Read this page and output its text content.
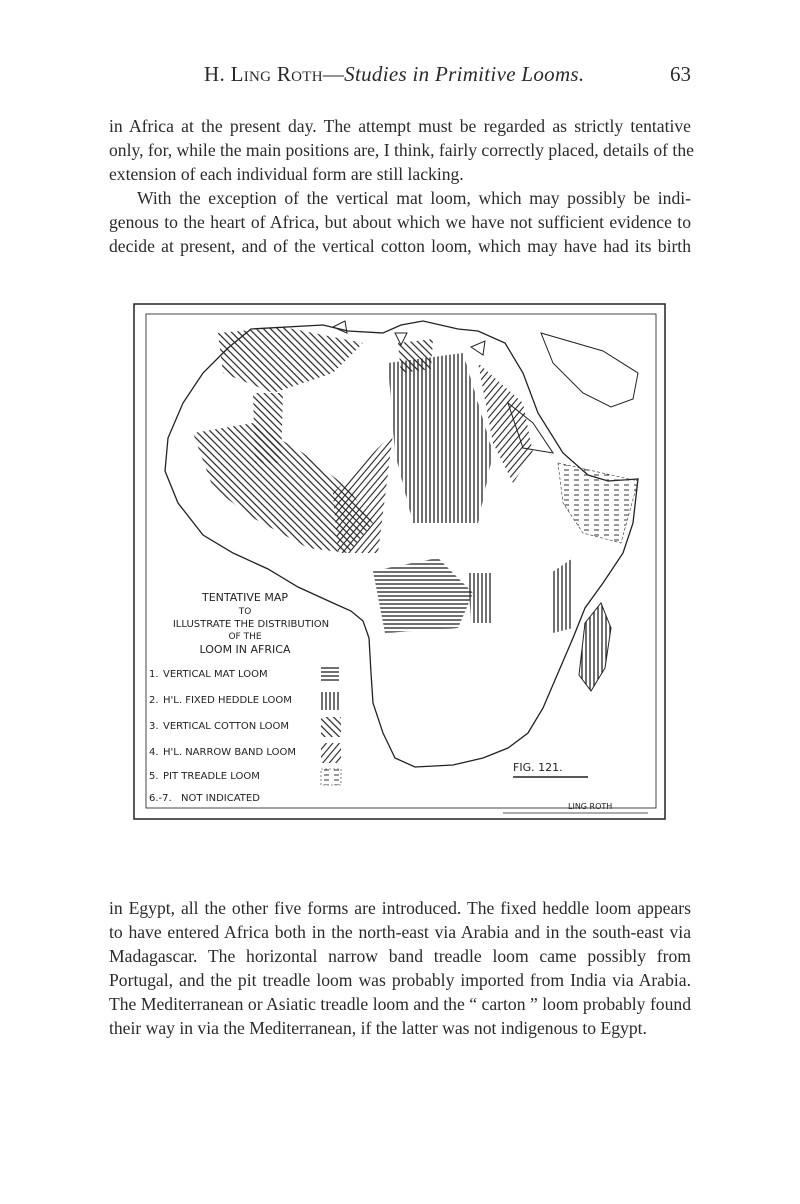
H. Ling Roth—Studies in Primitive Looms.	63
in Africa at the present day. The attempt must be regarded as strictly tentative
only, for, while the main positions are, I think, fairly correctly placed, details of the
extension of each individual form are still lacking.
With the exception of the vertical mat loom, which may possibly be indi-
genous to the heart of Africa, but about which we have not sufficient evidence to
decide at present, and of the vertical cotton loom, which may have had its birth
TENTATIVE MAP
TO
ILLUSTRATE THE DISTRIBUTION
OF THE
LOOM IN AFRICA
1. VERTICAL MAT LOOM
2. H'L. FIXED HEDDLE LOOM
3. VERTICAL COTTON LOOM
4. H'L. NARROW BAND LOOM
5. PIT TREADLE LOOM
6.-7. NOT INDICATED
FIG. 121.
LING ROTH
in Egypt, all the other five forms are introduced. The fixed heddle loom appears
to have entered Africa both in the north-east via Arabia and in the south-east via
Madagascar. The horizontal narrow band treadle loom came possibly from
Portugal, and the pit treadle loom was probably imported from India via Arabia.
The Mediterranean or Asiatic treadle loom and the “ carton ” loom probably found
their way in via the Mediterranean, if the latter was not indigenous to Egypt.
